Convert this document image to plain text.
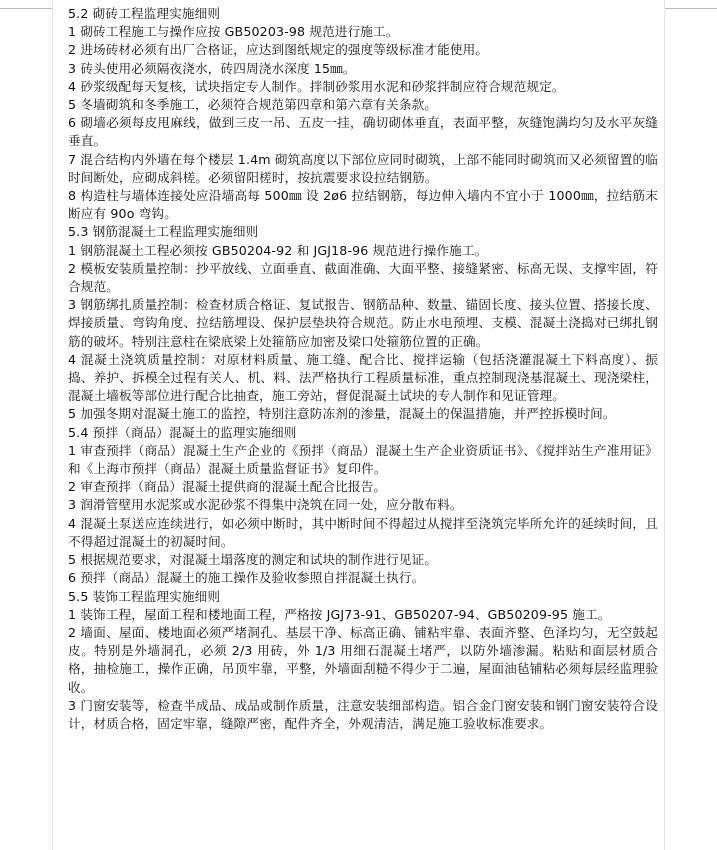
5.2 砌砖工程监理实施细则

1 砌砖工程施工与操作应按 GB50203-98 规范进行施工。

2 进场砖材必须有出厂合格证，应达到图纸规定的强度等级标准才能使用。

3 砖头使用必须隔夜浇水，砖四周浇水深度 15㎜。

4 砂浆级配每天复核，试块指定专人制作。拌制砂浆用水泥和砂浆拌制应符合规范规定。

5 冬墙砌筑和冬季施工，必须符合规范第四章和第六章有关条款。

6 砌墙必须每皮甩麻线，做到三皮一吊、五皮一挂，确切砌体垂直，表面平整，灰缝饱满均匀及水平灰缝垂直。

7 混合结构内外墙在每个楼层 1.4m 砌筑高度以下部位应同时砌筑，上部不能同时砌筑而又必须留置的临时间断处，应砌成斜槎。必须留阳槎时，按抗震要求设拉结钢筋。

8 构造柱与墙体连接处应沿墙高每 500㎜ 设 2ø6 拉结钢筋，每边伸入墙内不宜小于 1000㎜，拉结筋末断应有 90o 弯钩。

5.3 钢筋混凝土工程监理实施细则

1 钢筋混凝土工程必须按 GB50204-92 和 JGJ18-96 规范进行操作施工。

2 模板安装质量控制：抄平放线、立面垂直、截面准确、大面平整、接缝紧密、标高无误、支撑牢固，符合规范。

3 钢筋绑扎质量控制：检查材质合格证、复试报告、钢筋品种、数量、锚固长度、接头位置、搭接长度、焊接质量、弯钩角度、拉结筋埋设、保护层垫块符合规范。防止水电预埋、支模、混凝土浇捣对已绑扎钢筋的破坏。特别注意柱在梁底梁上处箍筋应加密及梁口处箍筋位置的正确。

4 混凝土浇筑质量控制：对原材料质量、施工缝、配合比、搅拌运输（包括浇灌混凝土下料高度）、振捣、养护、拆模全过程有关人、机、料、法严格执行工程质量标准，重点控制现浇基混凝土、现浇梁柱，混凝土墙板等部位进行配合比抽查，施工旁站，督促混凝土试块的专人制作和见证管理。

5 加强冬期对混凝土施工的监控，特别注意防冻剂的渗量，混凝土的保温措施，并严控拆模时间。

5.4 预拌（商品）混凝土的监理实施细则

1 审查预拌（商品）混凝土生产企业的《预拌（商品）混凝土生产企业资质证书》、《搅拌站生产准用证》和《上海市预拌（商品）混凝土质量监督证书》复印件。

2 审查预拌（商品）混凝土提供商的混凝土配合比报告。

3 润滑管壁用水泥浆或水泥砂浆不得集中浇筑在同一处，应分散布料。

4 混凝土泵送应连续进行，如必须中断时，其中断时间不得超过从搅拌至浇筑完毕所允许的延续时间，且不得超过混凝土的初凝时间。

5 根据规范要求，对混凝土塌落度的测定和试块的制作进行见证。

6 预拌（商品）混凝土的施工操作及验收参照自拌混凝土执行。

5.5 装饰工程监理实施细则

1 装饰工程，屋面工程和楼地面工程，严格按 JGJ73-91、GB50207-94、GB50209-95 施工。

2 墙面、屋面、楼地面必须严堵洞孔、基层干净、标高正确、铺粘牢靠、表面齐整、色泽均匀，无空鼓起皮。特别是外墙洞孔，必须 2/3 用砖，外 1/3 用细石混凝土堵严，以防外墙渗漏。粘贴和面层材质合格，抽检施工，操作正确，吊顶牢靠，平整，外墙面刮糙不得少于二遍，屋面油毡铺粘必须每层经监理验收。

3 门窗安装等，检查半成品、成品或制作质量，注意安装细部构造。铝合金门窗安装和钢门窗安装符合设计，材质合格，固定牢靠，缝隙严密，配件齐全，外观清洁，满足施工验收标准要求。
